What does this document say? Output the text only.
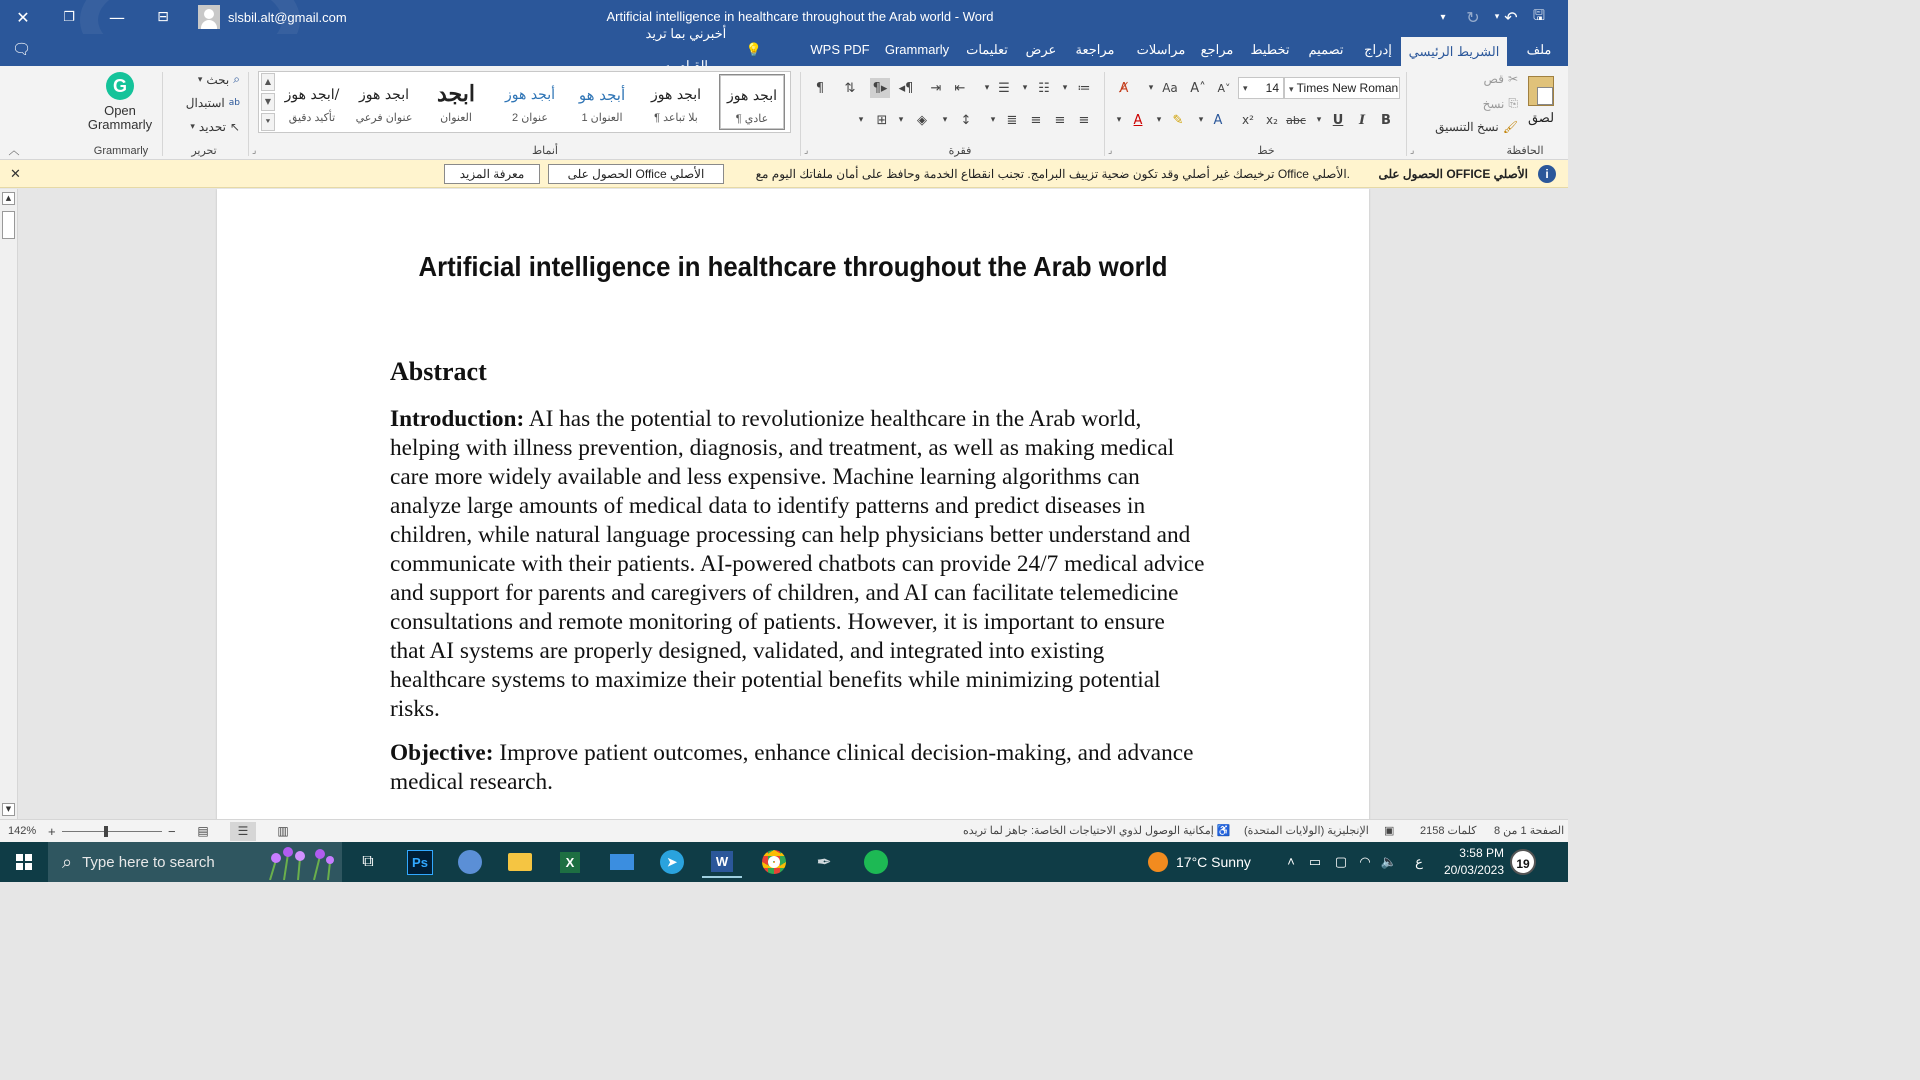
✕	❐	—	⊟	slsbil.alt@gmail.com	Artificial intelligence in healthcare throughout the Arab world - Word	▾	↻	▾ ↶	🖫
🗨
أخبرني بما تريد
💡	WPS PDF	Grammarly	تعليمات	عرض	مراجعة	مراسلات	مراجع	تخطيط	تصميم	إدراج	الشريط الرئيسي	ملف
︿
G
Open
Grammarly
Grammarly
▾ بحث ⌕
استبدال ab
▾ تحديد ↖
تحرير	⌟
▲
▼
⯆
ابجد هوز/
تأكيد دقيق
ابجد هوز
عنوان فرعي
ابجد
العنوان
أبجد هوز
عنوان 2
أبجد هو
العنوان 1
ابجد هوز
¶ بلا تباعد
ابجد هوز
¶ عادي
أنماط	⌟
¶	⇅	¶▸ ◂¶	⇥	⇤	▾ ☰	▾ ☷	▾ ≔
▾	⊞	▾	◈	▾	↕	▾ ≣	≡	≡	≡
فقرة	⌟
A̸	▾ Aa A˄	A˅	▾ 14	▾ Times New Roman
▾ A	▾ ✎	▾ A	x²	x₂ abc	▾ U	I	B
خط	⌟
قص ✂
نسخ ⎘
نسخ التنسيق 🖌
لصق
الحافظة
✕	معرفة المزيد	الحصول على Office الأصلي	ترخيصك غير أصلي وقد تكون ضحية تزييف البرامج. تجنب انقطاع الخدمة وحافظ على أمان ملفاتك اليوم مع Office الأصلي. الحصول على OFFICE الأصلي	i
▲
▼
Artificial intelligence in healthcare throughout the Arab world
Abstract
Introduction: AI has the potential to revolutionize healthcare in the Arab world, helping with illness prevention, diagnosis, and treatment, as well as making medical care more widely available and less expensive. Machine learning algorithms can analyze large amounts of medical data to identify patterns and predict diseases in children, while natural language processing can help physicians better understand and communicate with their patients. AI-powered chatbots can provide 24/7 medical advice and support for parents and caregivers of children, and AI can facilitate telemedicine consultations and remote monitoring of patients. However, it is important to ensure that AI systems are properly designed, validated, and integrated into existing healthcare systems to maximize their potential benefits while minimizing potential risks.
Objective: Improve patient outcomes, enhance clinical decision-making, and advance medical research.
142% +	−	▤	☰	▥	إمكانية الوصول لذوي الاحتياجات الخاصة: جاهز لما تريده ♿ الإنجليزية (الولايات المتحدة) ▣ 2158 كلمات الصفحة 1 من 8
⌕ Type here to search	⧉	Ps	X	➤	W	✒	17°C Sunny	˄	▭	▢ ◠ 🔈	ع
3:58 PM
20/03/2023	19
